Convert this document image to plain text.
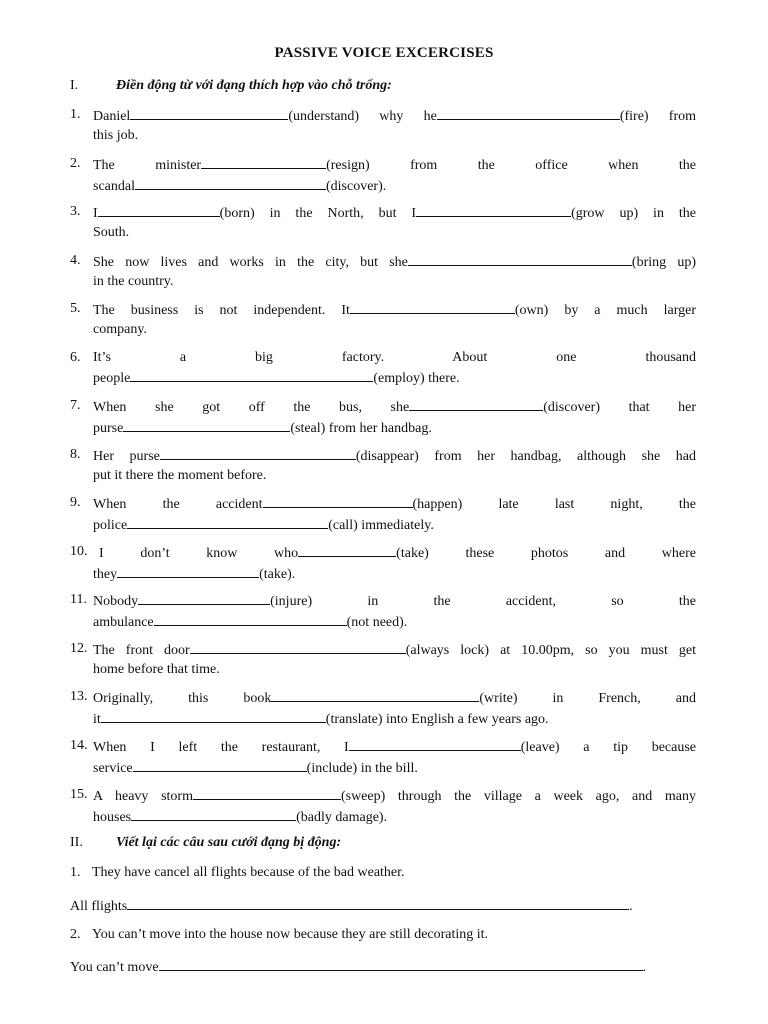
PASSIVE VOICE EXCERCISES
I.	Điền động từ với đạng thích hợp vào chỗ trống:
1. Daniel	(understand) why he	(fire) from
this job.
2. The minister	(resign) from the office when the
scandal	(discover).
3. I	(born) in the North, but I	(grow up) in the
South.
4. She now lives and works in the city, but she	(bring up)
in the country.
5. The business is not independent. It	(own) by a much larger
company.
6. It’s a big factory. About one thousand
people	(employ) there.
7. When she got off the bus, she	(discover) that her
purse	(steal) from her handbag.
8. Her purse	(disappear) from her handbag, although she had
put it there the moment before.
9. When the accident	(happen) late last night, the
police	(call) immediately.
10. I don’t know who	(take) these photos and where
they	(take).
11. Nobody	(injure) in the accident, so the
ambulance	(not need).
12. The front door	(always lock) at 10.00pm, so you must get
home before that time.
13. Originally, this book	(write) in French, and
it	(translate) into English a few years ago.
14. When I left the restaurant, I	(leave) a tip because
service	(include) in the bill.
15. A heavy storm	(sweep) through the village a week ago, and many
houses	(badly damage).
II. Viết lại các câu sau cưới đạng bị động:
1. They have cancel all flights because of the bad weather.
All flights	.
2. You can’t move into the house now because they are still decorating it.
You can’t move	.
